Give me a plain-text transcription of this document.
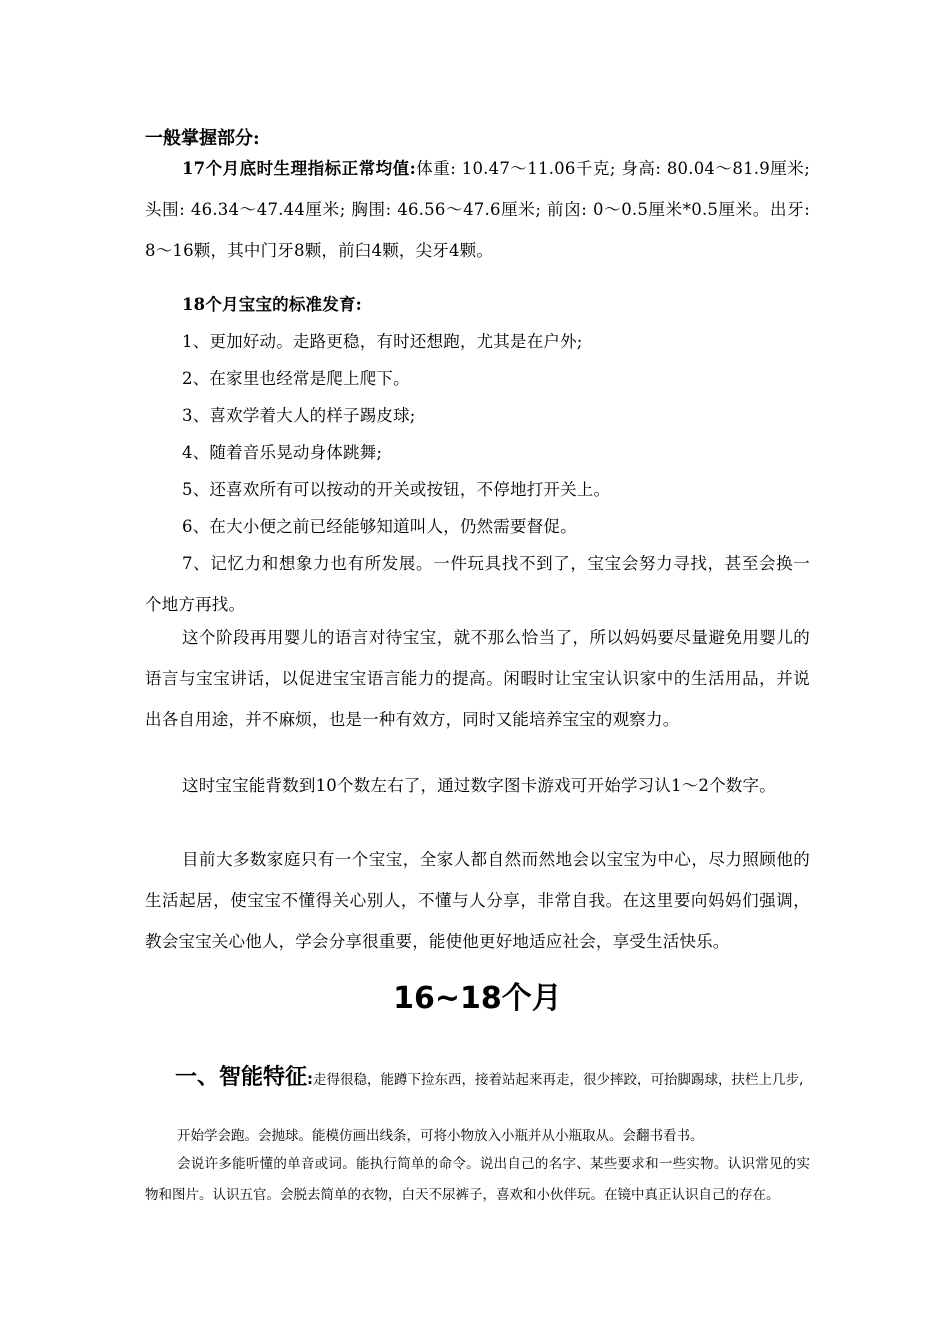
一般掌握部分:

17个月底时生理指标正常均值:体重: 10.47～11.06千克; 身高: 80.04～81.9厘米; 头围: 46.34～47.44厘米; 胸围: 46.56～47.6厘米; 前囟: 0～0.5厘米*0.5厘米。出牙: 8～16颗，其中门牙8颗，前臼4颗，尖牙4颗。

18个月宝宝的标准发育:

1、更加好动。走路更稳，有时还想跑，尤其是在户外;

2、在家里也经常是爬上爬下。

3、喜欢学着大人的样子踢皮球;

4、随着音乐晃动身体跳舞;

5、还喜欢所有可以按动的开关或按钮，不停地打开关上。

6、在大小便之前已经能够知道叫人，仍然需要督促。

7、记忆力和想象力也有所发展。一件玩具找不到了，宝宝会努力寻找，甚至会换一个地方再找。

这个阶段再用婴儿的语言对待宝宝，就不那么恰当了，所以妈妈要尽量避免用婴儿的语言与宝宝讲话，以促进宝宝语言能力的提高。闲暇时让宝宝认识家中的生活用品，并说出各自用途，并不麻烦，也是一种有效方，同时又能培养宝宝的观察力。

这时宝宝能背数到10个数左右了，通过数字图卡游戏可开始学习认1～2个数字。

目前大多数家庭只有一个宝宝，全家人都自然而然地会以宝宝为中心，尽力照顾他的生活起居，使宝宝不懂得关心别人，不懂与人分享，非常自我。在这里要向妈妈们强调，教会宝宝关心他人，学会分享很重要，能使他更好地适应社会，享受生活快乐。

16~18个月

一、智能特征:走得很稳，能蹲下捡东西，接着站起来再走，很少摔跤，可抬脚踢球，扶栏上几步,

开始学会跑。会抛球。能模仿画出线条，可将小物放入小瓶并从小瓶取从。会翻书看书。

会说许多能听懂的单音或词。能执行简单的命令。说出自己的名字、某些要求和一些实物。认识常见的实物和图片。认识五官。会脱去简单的衣物，白天不尿裤子，喜欢和小伙伴玩。在镜中真正认识自己的存在。
